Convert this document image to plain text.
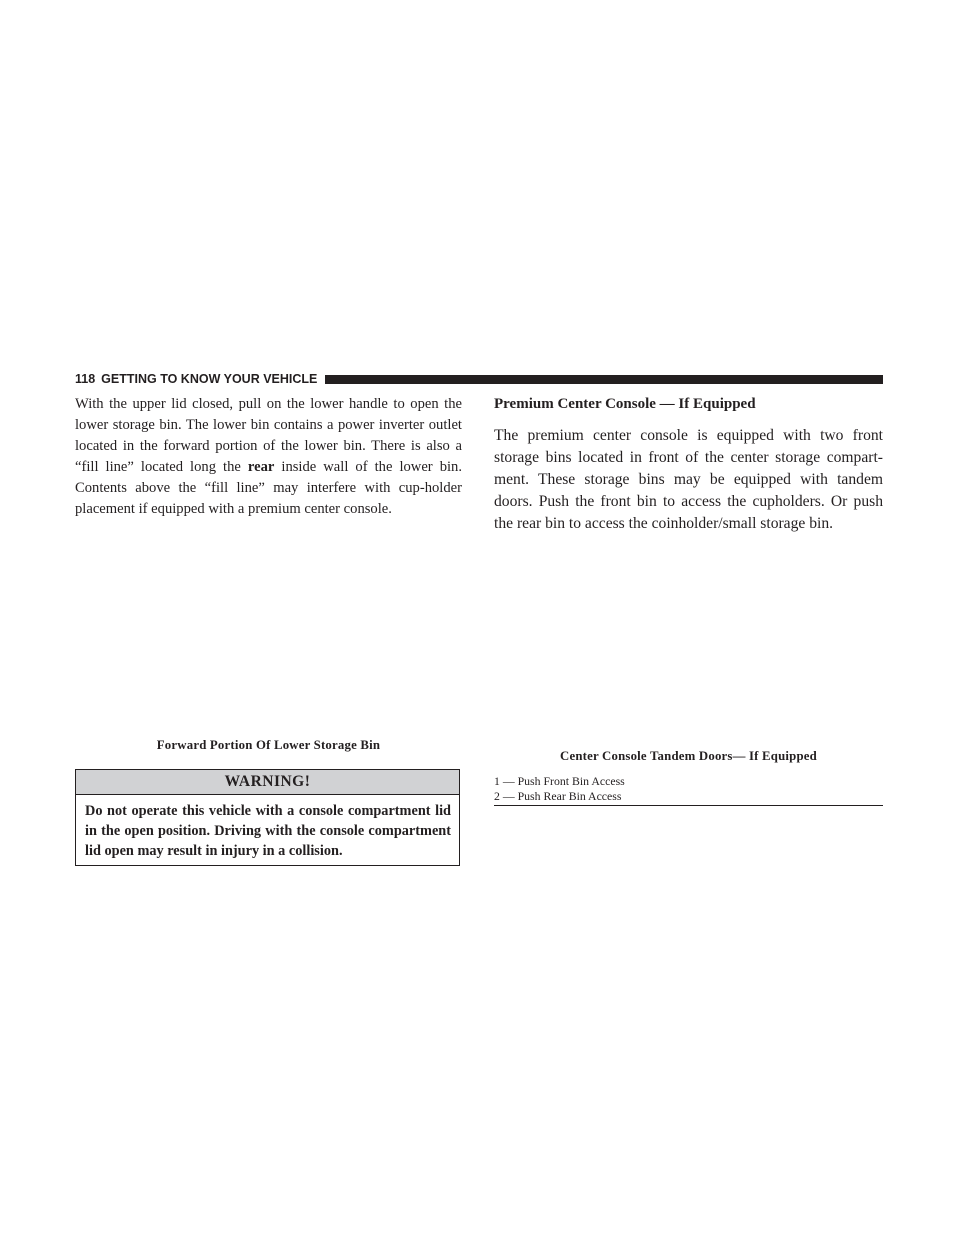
118 GETTING TO KNOW YOUR VEHICLE

With the upper lid closed, pull on the lower handle to open the lower storage bin. The lower bin contains a power inverter outlet located in the forward portion of the lower bin. There is also a “fill line” located long the rear inside wall of the lower bin. Contents above the “fill line” may interfere with cup-holder placement if equipped with a premium center console.

Premium Center Console — If Equipped

The premium center console is equipped with two front storage bins located in front of the center storage compart-ment. These storage bins may be equipped with tandem doors. Push the front bin to access the cupholders. Or push the rear bin to access the coinholder/small storage bin.

Forward Portion Of Lower Storage Bin
Center Console Tandem Doors— If Equipped

1 — Push Front Bin Access

2 — Push Rear Bin Access

WARNING!
Do not operate this vehicle with a console compartment lid in the open position. Driving with the console compartment lid open may result in injury in a collision.
